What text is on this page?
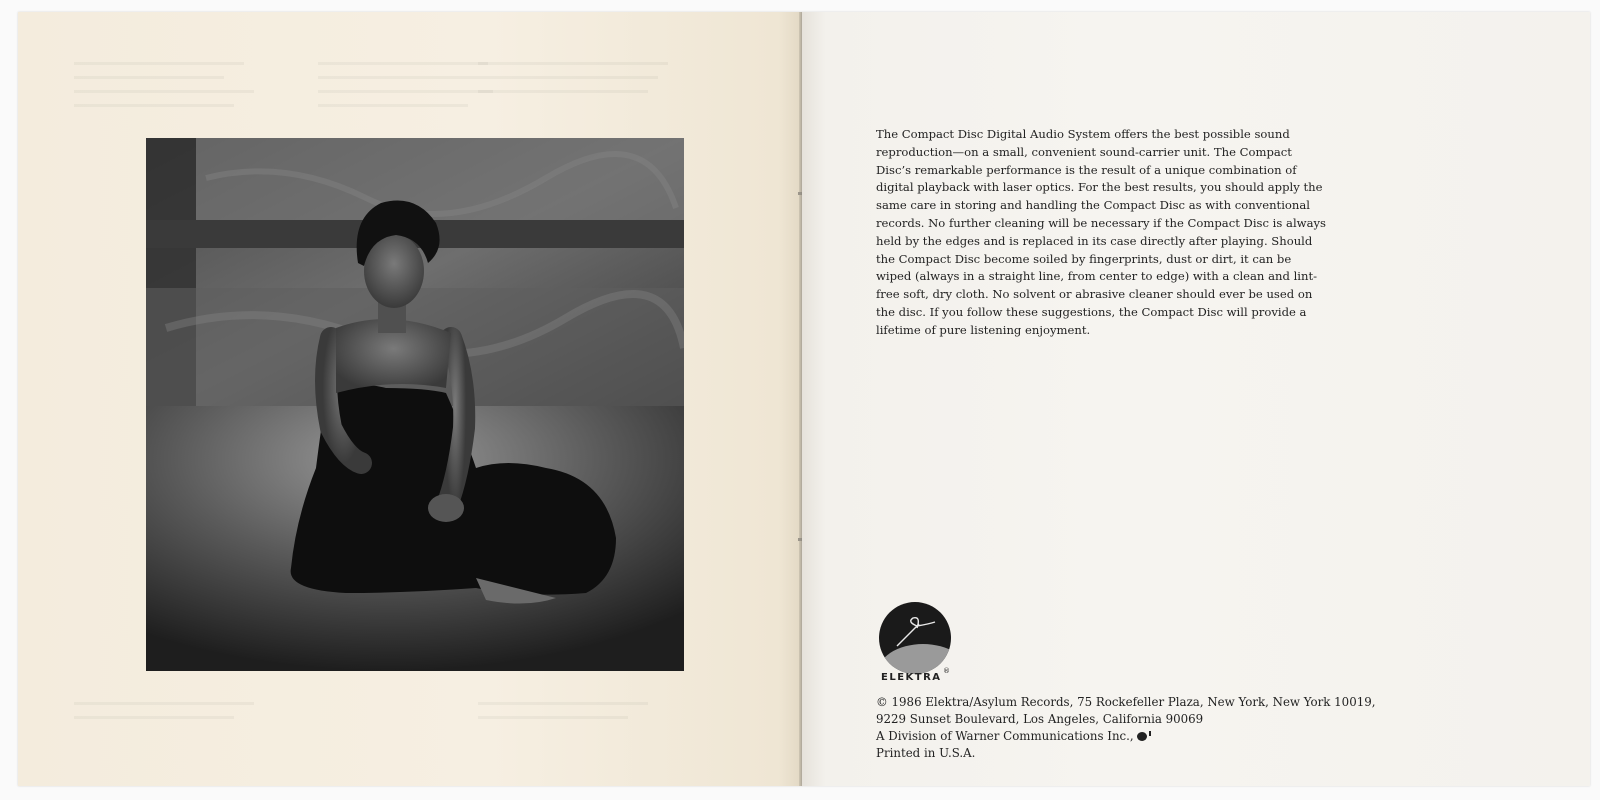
The Compact Disc Digital Audio System offers the best possible sound reproduction—on a small, convenient sound-carrier unit. The Compact Disc’s remarkable performance is the result of a unique combination of digital playback with laser optics. For the best results, you should apply the same care in storing and handling the Compact Disc as with conventional records. No further cleaning will be necessary if the Compact Disc is always held by the edges and is replaced in its case directly after playing. Should the Compact Disc become soiled by fingerprints, dust or dirt, it can be wiped (always in a straight line, from center to edge) with a clean and lint-free soft, dry cloth. No solvent or abrasive cleaner should ever be used on the disc. If you follow these suggestions, the Compact Disc will provide a lifetime of pure listening enjoyment.

ELEKTRA
®
© 1986 Elektra/Asylum Records, 75 Rockefeller Plaza, New York, New York 10019,
9229 Sunset Boulevard, Los Angeles, California 90069
A Division of Warner Communications Inc.,
Printed in U.S.A.
